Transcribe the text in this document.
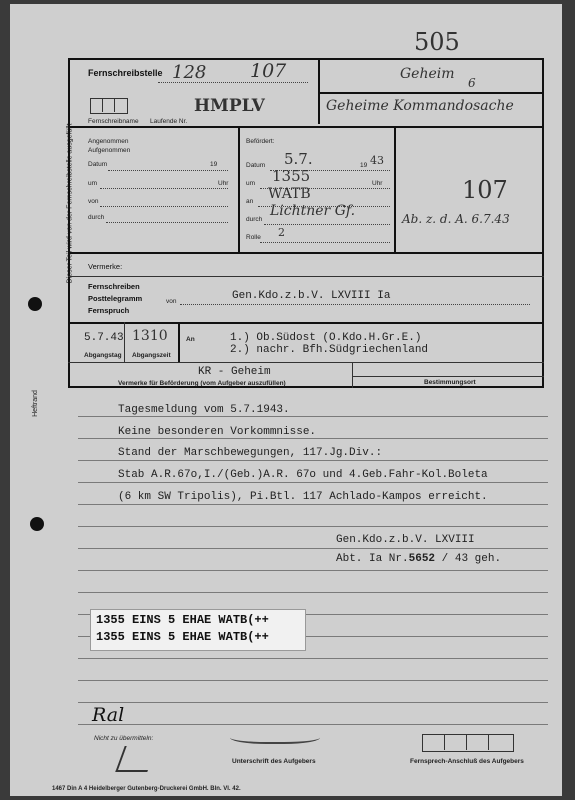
Dieser Teil wird von der Fernschreibstelle ausgefüllt
Heftrand
505
Fernschreibstelle 128 107	Geheim
6
Geheime Kommandosache
HMPLV
Fernschreibname Laufende Nr.
Angenommen
Aufgenommen
Datum	19
um	Uhr
von
durch
Befördert:
Datum 5.7.	19 43
um 1355	Uhr
an WATB
durch
Lichtner Gf.
Rolle 2
107
Ab. z. d. A. 6.7.43
Vermerke:
Fernschreiben
Posttelegramm
Fernspruch
von	Gen.Kdo.z.b.V. LXVIII Ia
5.7.43 1310
Abgangstag Abgangszeit
An	1.) Ob.Südost (O.Kdo.H.Gr.E.)
2.) nachr. Bfh.Südgriechenland
KR - Geheim
Vermerke für Beförderung (vom Aufgeber auszufüllen)	Bestimmungsort
Tagesmeldung vom 5.7.1943.
Keine besonderen Vorkommnisse.
Stand der Marschbewegungen, 117.Jg.Div.:
Stab A.R.67o,I./(Geb.)A.R. 67o und 4.Geb.Fahr-Kol.Boleta
(6 km SW Tripolis), Pi.Btl. 117 Achlado-Kampos erreicht.
Gen.Kdo.z.b.V. LXVIII
Abt. Ia Nr.5652 / 43 geh.
1355 EINS 5 EHAE WATB(++
1355 EINS 5 EHAE WATB(++
Ral
Nicht zu übermitteln:
Unterschrift des Aufgebers	Fernsprech-Anschluß des Aufgebers
1467 Din A 4 Heidelberger Gutenberg-Druckerei GmbH. Bln. VI. 42.
